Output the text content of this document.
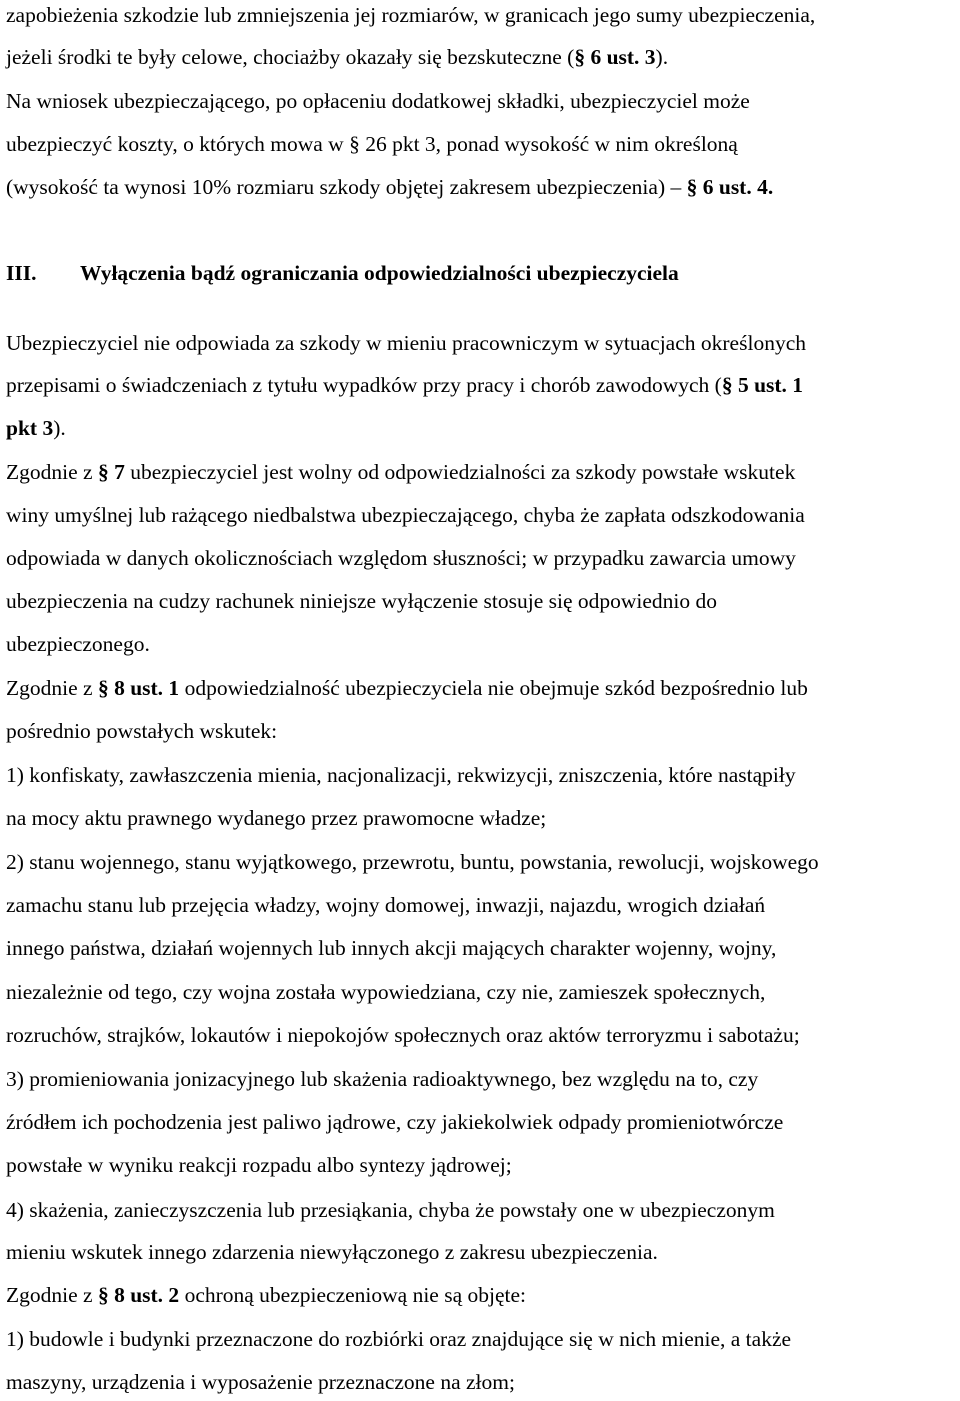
zapobieżenia szkodzie lub zmniejszenia jej rozmiarów, w granicach jego sumy ubezpieczenia,
jeżeli środki te były celowe, chociażby okazały się bezskuteczne (§ 6 ust. 3).
Na wniosek ubezpieczającego, po opłaceniu dodatkowej składki, ubezpieczyciel może
ubezpieczyć koszty, o których mowa w § 26 pkt 3, ponad wysokość w nim określoną
(wysokość ta wynosi 10% rozmiaru szkody objętej zakresem ubezpieczenia) – § 6 ust. 4.
III. Wyłączenia bądź ograniczania odpowiedzialności ubezpieczyciela
Ubezpieczyciel nie odpowiada za szkody w mieniu pracowniczym w sytuacjach określonych
przepisami o świadczeniach z tytułu wypadków przy pracy i chorób zawodowych (§ 5 ust. 1
pkt 3).
Zgodnie z § 7 ubezpieczyciel jest wolny od odpowiedzialności za szkody powstałe wskutek
winy umyślnej lub rażącego niedbalstwa ubezpieczającego, chyba że zapłata odszkodowania
odpowiada w danych okolicznościach względom słuszności; w przypadku zawarcia umowy
ubezpieczenia na cudzy rachunek niniejsze wyłączenie stosuje się odpowiednio do
ubezpieczonego.
Zgodnie z § 8 ust. 1 odpowiedzialność ubezpieczyciela nie obejmuje szkód bezpośrednio lub
pośrednio powstałych wskutek:
1) konfiskaty, zawłaszczenia mienia, nacjonalizacji, rekwizycji, zniszczenia, które nastąpiły
na mocy aktu prawnego wydanego przez prawomocne władze;
2) stanu wojennego, stanu wyjątkowego, przewrotu, buntu, powstania, rewolucji, wojskowego
zamachu stanu lub przejęcia władzy, wojny domowej, inwazji, najazdu, wrogich działań
innego państwa, działań wojennych lub innych akcji mających charakter wojenny, wojny,
niezależnie od tego, czy wojna została wypowiedziana, czy nie, zamieszek społecznych,
rozruchów, strajków, lokautów i niepokojów społecznych oraz aktów terroryzmu i sabotażu;
3) promieniowania jonizacyjnego lub skażenia radioaktywnego, bez względu na to, czy
źródłem ich pochodzenia jest paliwo jądrowe, czy jakiekolwiek odpady promieniotwórcze
powstałe w wyniku reakcji rozpadu albo syntezy jądrowej;
4) skażenia, zanieczyszczenia lub przesiąkania, chyba że powstały one w ubezpieczonym
mieniu wskutek innego zdarzenia niewyłączonego z zakresu ubezpieczenia.
Zgodnie z § 8 ust. 2 ochroną ubezpieczeniową nie są objęte:
1) budowle i budynki przeznaczone do rozbiórki oraz znajdujące się w nich mienie, a także
maszyny, urządzenia i wyposażenie przeznaczone na złom;
